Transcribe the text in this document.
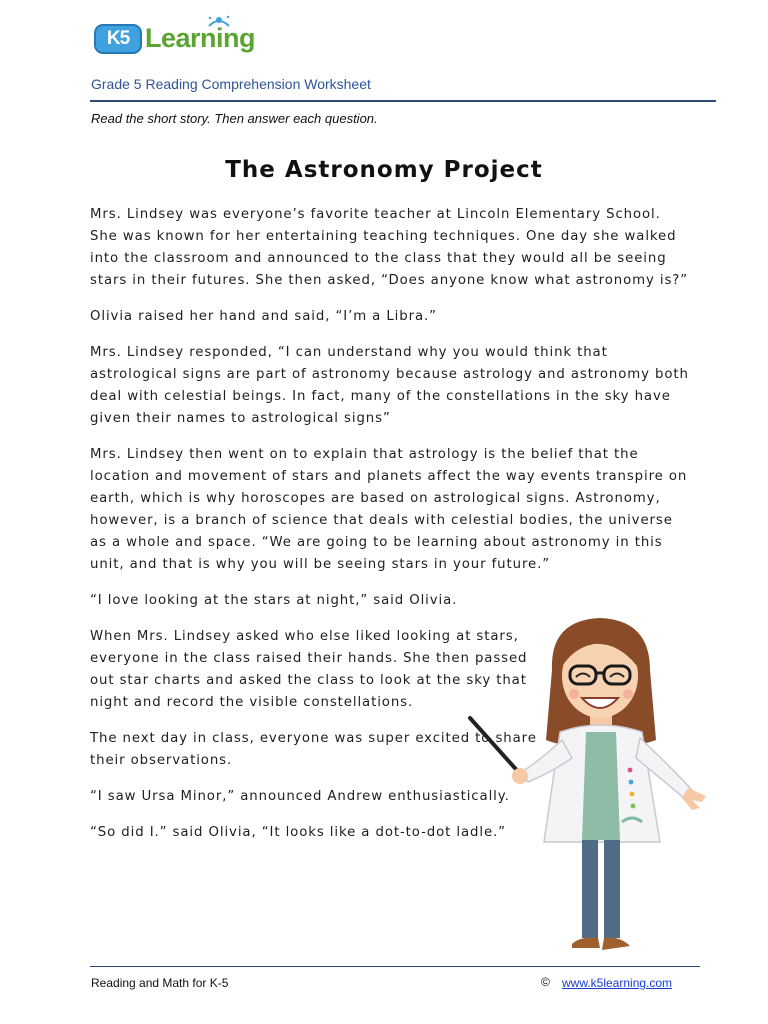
K5 Learning
Grade 5 Reading Comprehension Worksheet
Read the short story. Then answer each question.
The Astronomy Project

Mrs. Lindsey was everyone’s favorite teacher at Lincoln Elementary School. She was known for her entertaining teaching techniques. One day she walked into the classroom and announced to the class that they would all be seeing stars in their futures. She then asked, “Does anyone know what astronomy is?”

Olivia raised her hand and said, “I’m a Libra.”

Mrs. Lindsey responded, “I can understand why you would think that astrological signs are part of astronomy because astrology and astronomy both deal with celestial beings. In fact, many of the constellations in the sky have given their names to astrological signs”

Mrs. Lindsey then went on to explain that astrology is the belief that the location and movement of stars and planets affect the way events transpire on earth, which is why horoscopes are based on astrological signs. Astronomy, however, is a branch of science that deals with celestial bodies, the universe as a whole and space. “We are going to be learning about astronomy in this unit, and that is why you will be seeing stars in your future.”

“I love looking at the stars at night,” said Olivia.

When Mrs. Lindsey asked who else liked looking at stars, everyone in the class raised their hands. She then passed out star charts and asked the class to look at the sky that night and record the visible constellations.

The next day in class, everyone was super excited to share their observations.

“I saw Ursa Minor,” announced Andrew enthusiastically.

“So did I.” said Olivia, “It looks like a dot-to-dot ladle.”

Reading and Math for K-5	© www.k5learning.com
